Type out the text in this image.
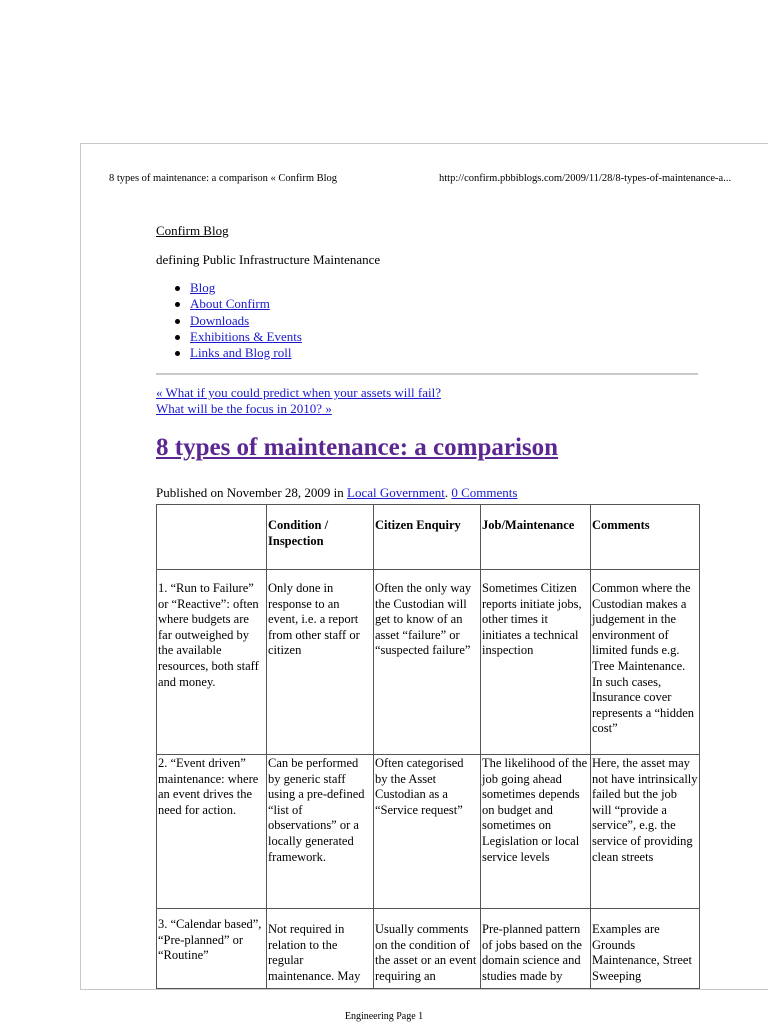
8 types of maintenance: a comparison « Confirm Blog	http://confirm.pbbiblogs.com/2009/11/28/8-types-of-maintenance-a...
Confirm Blog
defining Public Infrastructure Maintenance
Blog
About Confirm
Downloads
Exhibitions & Events
Links and Blog roll
« What if you could predict when your assets will fail?
What will be the focus in 2010? »
8 types of maintenance: a comparison
Published on November 28, 2009 in Local Government. 0 Comments
	Condition / Inspection	Citizen Enquiry	Job/Maintenance	Comments
1. “Run to Failure” or “Reactive”: often where budgets are far outweighed by the available resources, both staff and money.	Only done in response to an event, i.e. a report from other staff or citizen	Often the only way the Custodian will get to know of an asset “failure” or “suspected failure”	Sometimes Citizen reports initiate jobs, other times it initiates a technical inspection	Common where the Custodian makes a judgement in the environment of limited funds e.g. Tree Maintenance. In such cases, Insurance cover represents a “hidden cost”
2. “Event driven” maintenance: where an event drives the need for action.	Can be performed by generic staff using a pre-defined “list of observations” or a locally generated framework.	Often categorised by the Asset Custodian as a “Service request”	The likelihood of the job going ahead sometimes depends on budget and sometimes on Legislation or local service levels	Here, the asset may not have intrinsically failed but the job will “provide a service”, e.g. the service of providing clean streets
3. “Calendar based”, “Pre-planned” or “Routine”	Not required in relation to the regular maintenance. May	Usually comments on the condition of the asset or an event requiring an	Pre-planned pattern of jobs based on the domain science and studies made by	Examples are Grounds Maintenance, Street Sweeping
Engineering Page 1
